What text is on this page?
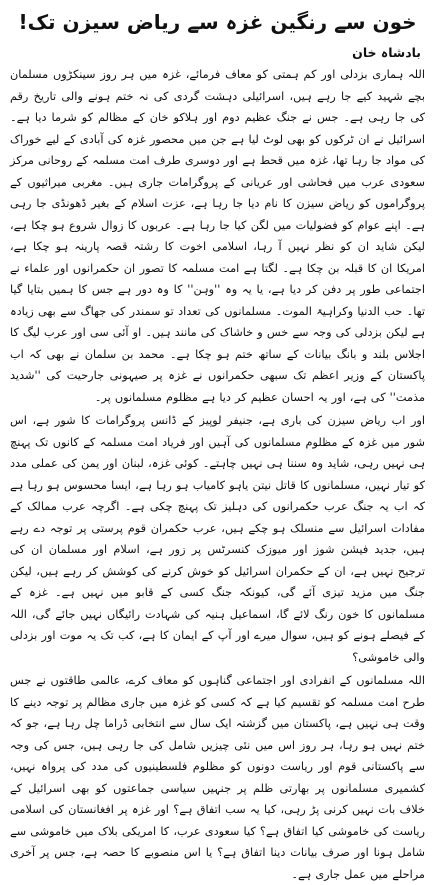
خون سے رنگین غزہ سے ریاض سیزن تک!
بادشاہ خان

اللہ ہماری بزدلی اور کم ہمتی کو معاف فرمائے، غزہ میں ہر روز سینکڑوں مسلمان بچے شہید کیے جا رہے ہیں، اسرائیلی دہشت گردی کی نہ ختم ہونے والی تاریخ رقم کی جا رہی ہے۔ جس نے جنگ عظیم دوم اور ہلاکو خان کے مظالم کو شرما دیا ہے۔ اسرائیل نے ان ٹرکوں کو بھی لوٹ لیا ہے جن میں محصور غزہ کی آبادی کے لیے خوراک کی مواد جا رہا تھا، غزہ میں قحط ہے اور دوسری طرف امت مسلمہ کے روحانی مرکز سعودی عرب میں فحاشی اور عریانی کے پروگرامات جاری ہیں۔ مغربی میراثیوں کے پروگراموں کو ریاض سیزن کا نام دیا جا رہا ہے، عزت اسلام کے بغیر ڈھونڈی جا رہی ہے۔ اپنے عوام کو فضولیات میں لگن کیا جا رہا ہے۔ عربوں کا زوال شروع ہو چکا ہے، لیکن شاید ان کو نظر نہیں آ رہا، اسلامی اخوت کا رشتہ قصہ پارینہ ہو چکا ہے، امریکا ان کا قبلہ بن چکا ہے۔ لگتا ہے امت مسلمہ کا تصور ان حکمرانوں اور علماء نے اجتماعی طور پر دفن کر دیا ہے، یا یہ وہ ''وہن'' کا وہ دور ہے جس کا ہمیں بتایا گیا تھا۔ حب الدنیا وکراہیۃ الموت۔ مسلمانوں کی تعداد تو سمندر کی جھاگ سے بھی زیادہ ہے لیکن بزدلی کی وجہ سے خس و خاشاک کی مانند ہیں۔ او آئی سی اور عرب لیگ کا اجلاس بلند و بانگ بیانات کے ساتھ ختم ہو چکا ہے۔ محمد بن سلمان نے بھی کہ اب پاکستان کے وزیر اعظم تک سبھی حکمرانوں نے غزہ پر صیہونی جارحیت کی ''شدید مذمت'' کی ہے، اور یہ احسان عظیم کر دیا ہے مظلوم مسلمانوں پر۔

اور اب ریاض سیزن کی باری ہے، جنیفر لوپیز کے ڈانس پروگرامات کا شور ہے، اس شور میں غزہ کے مظلوم مسلمانوں کی آہیں اور فریاد امت مسلمہ کے کانوں تک پہنچ ہی نہیں رہی، شاید وہ سننا ہی نہیں چاہتے۔ کوئی غزہ، لبنان اور یمن کی عملی مدد کو تیار نہیں، مسلمانوں کا قاتل نیتن یاہو کامیاب ہو رہا ہے، ایسا محسوس ہو رہا ہے کہ اب یہ جنگ عرب حکمرانوں کی دہلیز تک پہنچ چکی ہے۔ اگرچہ عرب ممالک کے مفادات اسرائیل سے منسلک ہو چکے ہیں، عرب حکمران قوم پرستی پر توجہ دے رہے ہیں، جدید فیشن شوز اور میوزک کنسرٹس پر زور ہے، اسلام اور مسلمان ان کی ترجیح نہیں ہے، ان کے حکمران اسرائیل کو خوش کرنے کی کوشش کر رہے ہیں، لیکن جنگ میں مزید تیزی آئے گی، کیونکہ جنگ کسی کے قابو میں نہیں ہے۔ غزہ کے مسلمانوں کا خون رنگ لائے گا، اسماعیل ہنیہ کی شہادت رائیگاں نہیں جائے گی، اللہ کے فیصلے ہونے کو ہیں، سوال میرے اور آپ کے ایمان کا ہے، کب تک یہ موت اور بزدلی والی خاموشی؟

اللہ مسلمانوں کے انفرادی اور اجتماعی گناہوں کو معاف کرے، عالمی طاقتوں نے جس طرح امت مسلمہ کو تقسیم کیا ہے کہ کسی کو غزہ میں جاری مظالم پر توجہ دینے کا وقت ہی نہیں ہے، پاکستان میں گزشتہ ایک سال سے انتخابی ڈراما چل رہا ہے، جو کہ ختم نہیں ہو رہا، ہر روز اس میں نئی چیزیں شامل کی جا رہی ہیں، جس کی وجہ سے پاکستانی قوم اور ریاست دونوں کو مظلوم فلسطینیوں کی مدد کی پرواہ نہیں، کشمیری مسلمانوں پر بھارتی ظلم پر جنہیں سیاسی جماعتوں کو بھی اسرائیل کے خلاف بات نہیں کرنی پڑ رہی، کیا یہ سب اتفاق ہے؟ اور غزہ پر افغانستان کی اسلامی ریاست کی خاموشی کیا اتفاق ہے؟ کیا سعودی عرب، کا امریکی بلاک میں خاموشی سے شامل ہونا اور صرف بیانات دینا اتفاق ہے؟ یا اس منصوبے کا حصہ ہے، جس پر آخری مراحلے میں عمل جاری ہے۔
